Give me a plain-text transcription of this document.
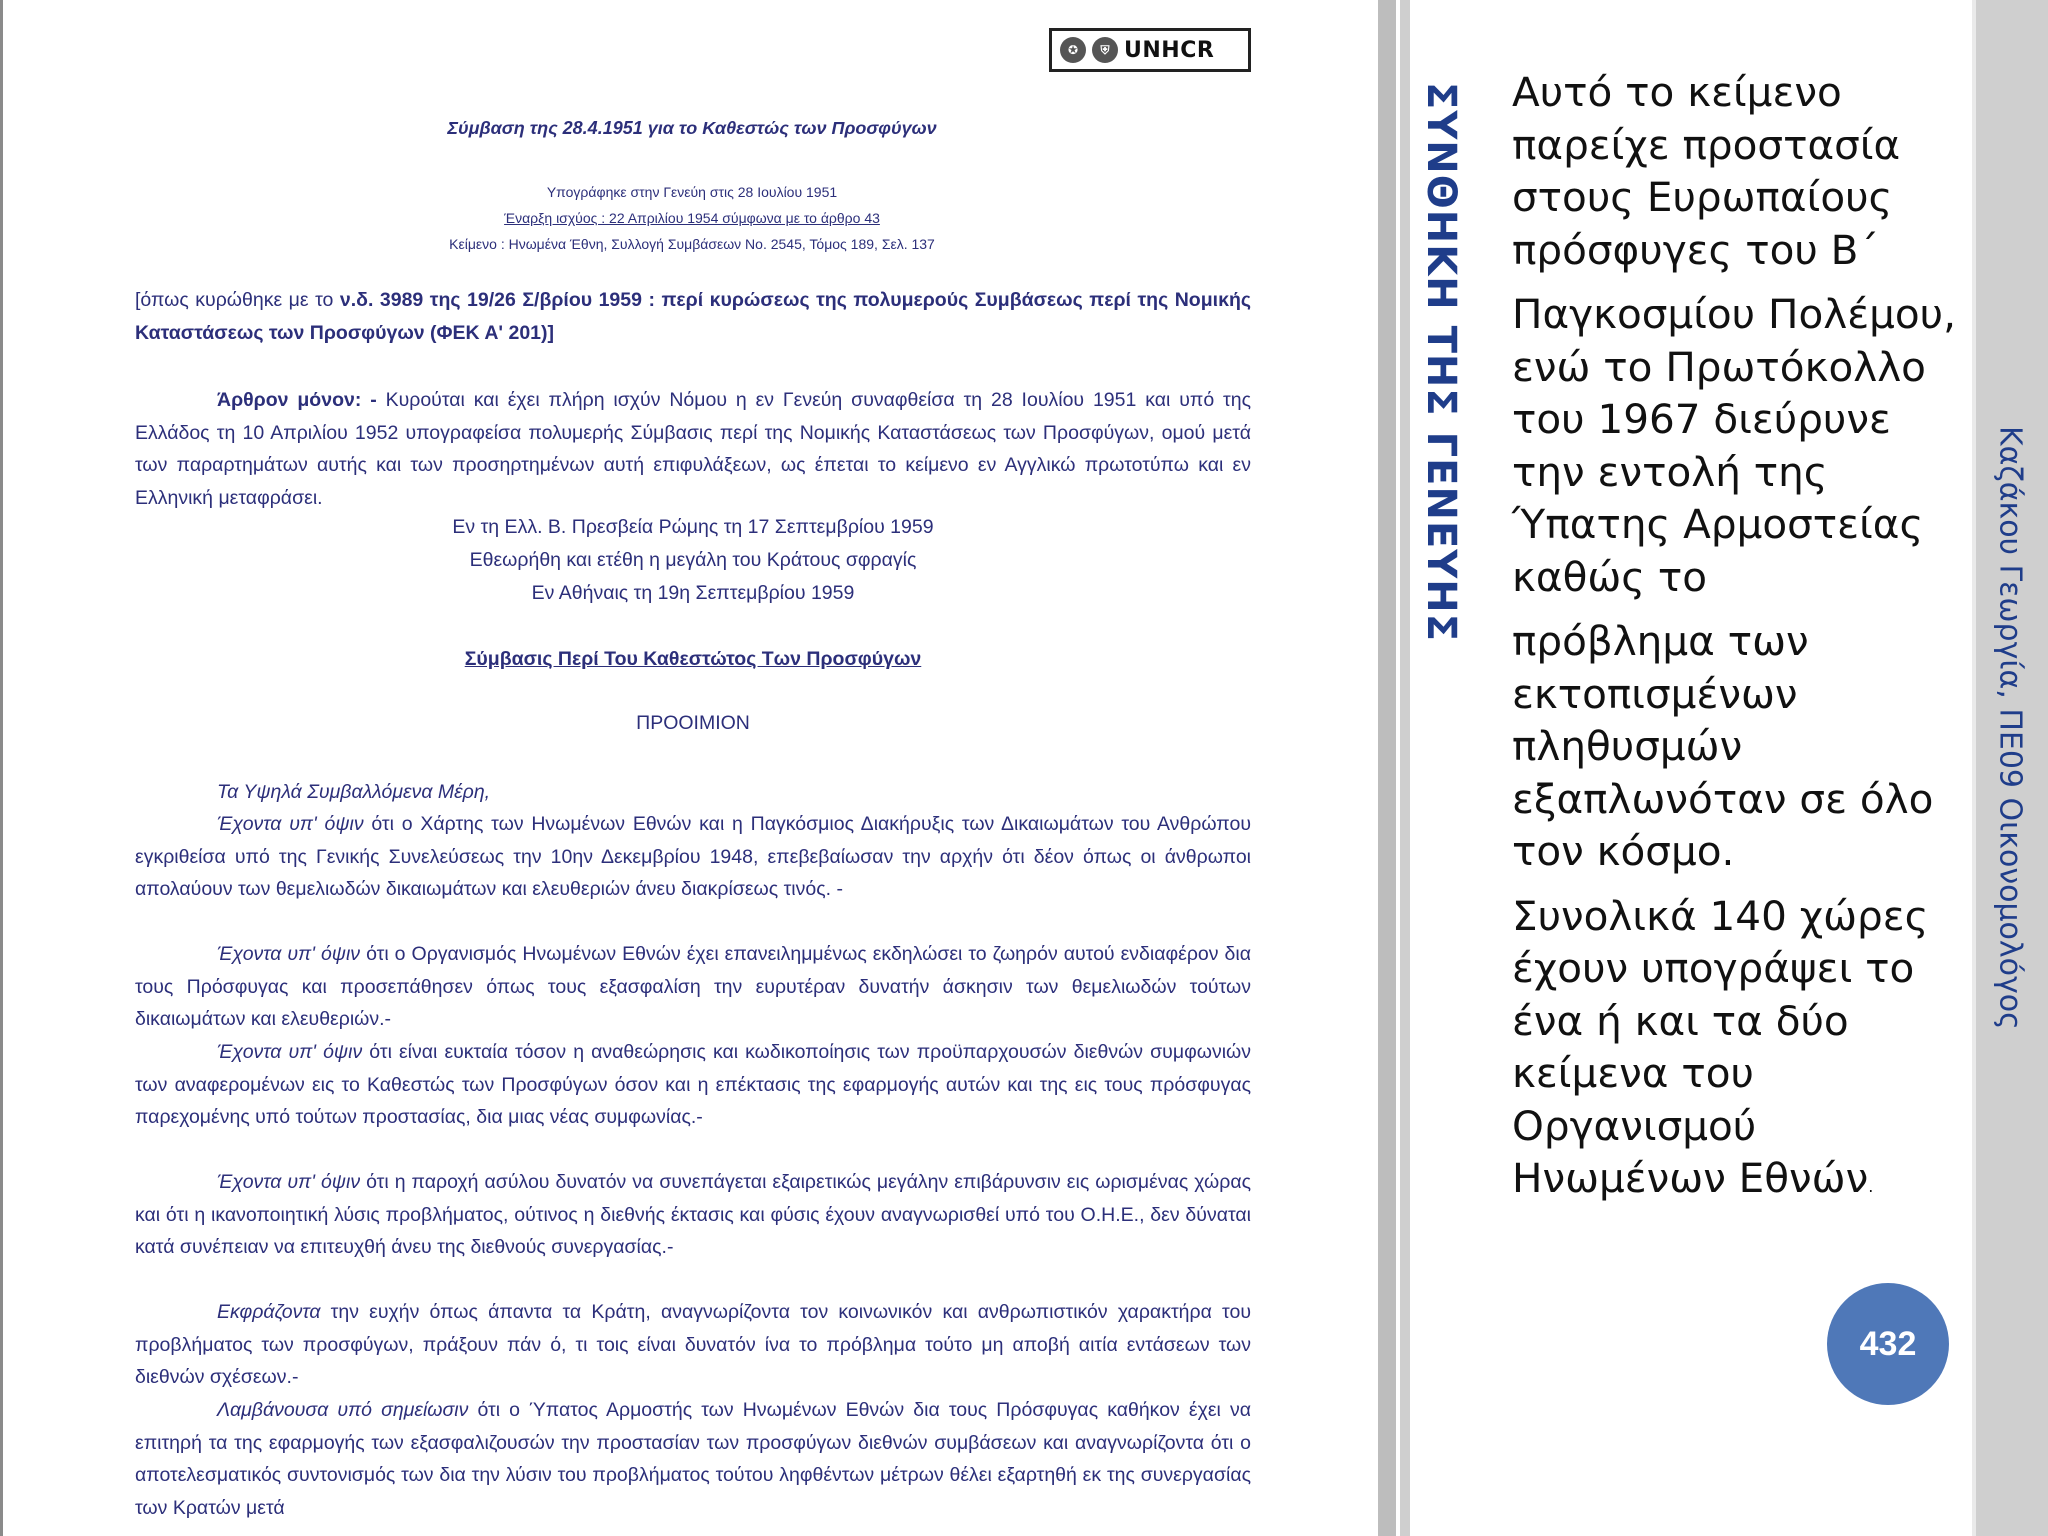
✪	⛨ UNHCR
Σύμβαση της 28.4.1951 για το Καθεστώς των Προσφύγων
Υπογράφηκε στην Γενεύη στις 28 Ιουλίου 1951
Έναρξη ισχύος : 22 Απριλίου 1954 σύμφωνα με το άρθρο 43
Κείμενο : Ηνωμένα Έθνη, Συλλογή Συμβάσεων Νο. 2545, Τόμος 189, Σελ. 137
[όπως κυρώθηκε με το ν.δ. 3989 της 19/26 Σ/βρίου 1959 : περί κυρώσεως της πολυμερούς Συμβάσεως περί της Νομικής Καταστάσεως των Προσφύγων (ΦΕΚ Α' 201)]
Άρθρον μόνον: - Κυρούται και έχει πλήρη ισχύν Νόμου η εν Γενεύη συναφθείσα τη 28 Ιουλίου 1951 και υπό της Ελλάδος τη 10 Απριλίου 1952 υπογραφείσα πολυμερής Σύμβασις περί της Νομικής Καταστάσεως των Προσφύγων, ομού μετά των παραρτημάτων αυτής και των προσηρτημένων αυτή επιφυλάξεων, ως έπεται το κείμενο εν Αγγλικώ πρωτοτύπω και εν Ελληνική μεταφράσει.
Εν τη Ελλ. Β. Πρεσβεία Ρώμης τη 17 Σεπτεμβρίου 1959
Εθεωρήθη και ετέθη η μεγάλη του Κράτους σφραγίς
Εν Αθήναις τη 19η Σεπτεμβρίου 1959
Σύμβασις Περί Του Καθεστώτος Των Προσφύγων
ΠΡΟΟΙΜΙΟΝ
Τα Υψηλά Συμβαλλόμενα Μέρη,
Έχοντα υπ' όψιν ότι ο Χάρτης των Ηνωμένων Εθνών και η Παγκόσμιος Διακήρυξις των Δικαιωμάτων του Ανθρώπου εγκριθείσα υπό της Γενικής Συνελεύσεως την 10ην Δεκεμβρίου 1948, επεβεβαίωσαν την αρχήν ότι δέον όπως οι άνθρωποι απολαύουν των θεμελιωδών δικαιωμάτων και ελευθεριών άνευ διακρίσεως τινός. -
Έχοντα υπ' όψιν ότι ο Οργανισμός Ηνωμένων Εθνών έχει επανειλημμένως εκδηλώσει το ζωηρόν αυτού ενδιαφέρον δια τους Πρόσφυγας και προσεπάθησεν όπως τους εξασφαλίση την ευρυτέραν δυνατήν άσκησιν των θεμελιωδών τούτων δικαιωμάτων και ελευθεριών.-
Έχοντα υπ' όψιν ότι είναι ευκταία τόσον η αναθεώρησις και κωδικοποίησις των προϋπαρχουσών διεθνών συμφωνιών των αναφερομένων εις το Καθεστώς των Προσφύγων όσον και η επέκτασις της εφαρμογής αυτών και της εις τους πρόσφυγας παρεχομένης υπό τούτων προστασίας, δια μιας νέας συμφωνίας.-
Έχοντα υπ' όψιν ότι η παροχή ασύλου δυνατόν να συνεπάγεται εξαιρετικώς μεγάλην επιβάρυνσιν εις ωρισμένας χώρας και ότι η ικανοποιητική λύσις προβλήματος, ούτινος η διεθνής έκτασις και φύσις έχουν αναγνωρισθεί υπό του Ο.Η.Ε., δεν δύναται κατά συνέπειαν να επιτευχθή άνευ της διεθνούς συνεργασίας.-
Εκφράζοντα την ευχήν όπως άπαντα τα Κράτη, αναγνωρίζοντα τον κοινωνικόν και ανθρωπιστικόν χαρακτήρα του προβλήματος των προσφύγων, πράξουν πάν ό, τι τοις είναι δυνατόν ίνα το πρόβλημα τούτο μη αποβή αιτία εντάσεων των διεθνών σχέσεων.-
Λαμβάνουσα υπό σημείωσιν ότι ο Ύπατος Αρμοστής των Ηνωμένων Εθνών δια τους Πρόσφυγας καθήκον έχει να επιτηρή τα της εφαρμογής των εξασφαλιζουσών την προστασίαν των προσφύγων διεθνών συμβάσεων και αναγνωρίζοντα ότι ο αποτελεσματικός συντονισμός των δια την λύσιν του προβλήματος τούτου ληφθέντων μέτρων θέλει εξαρτηθή εκ της συνεργασίας των Κρατών μετά
ΣΥΝΘΗΚΗ ΤΗΣ ΓΕΝΕΥΗΣ Αυτό το κείμενο παρείχε προστασία στους Ευρωπαίους πρόσφυγες του Β΄

Παγκοσμίου Πολέμου, ενώ το Πρωτόκολλο του 1967 διεύρυνε την εντολή της Ύπατης Αρμοστείας καθώς το

πρόβλημα των εκτοπισμένων πληθυσμών εξαπλωνόταν σε όλο τον κόσμο.

Συνολικά 140 χώρες έχουν υπογράψει το ένα ή και τα δύο κείμενα του Οργανισμού Ηνωμένων Εθνών.

Καζάκου Γεωργία, ΠΕ09 Οικονομολόγος
432
